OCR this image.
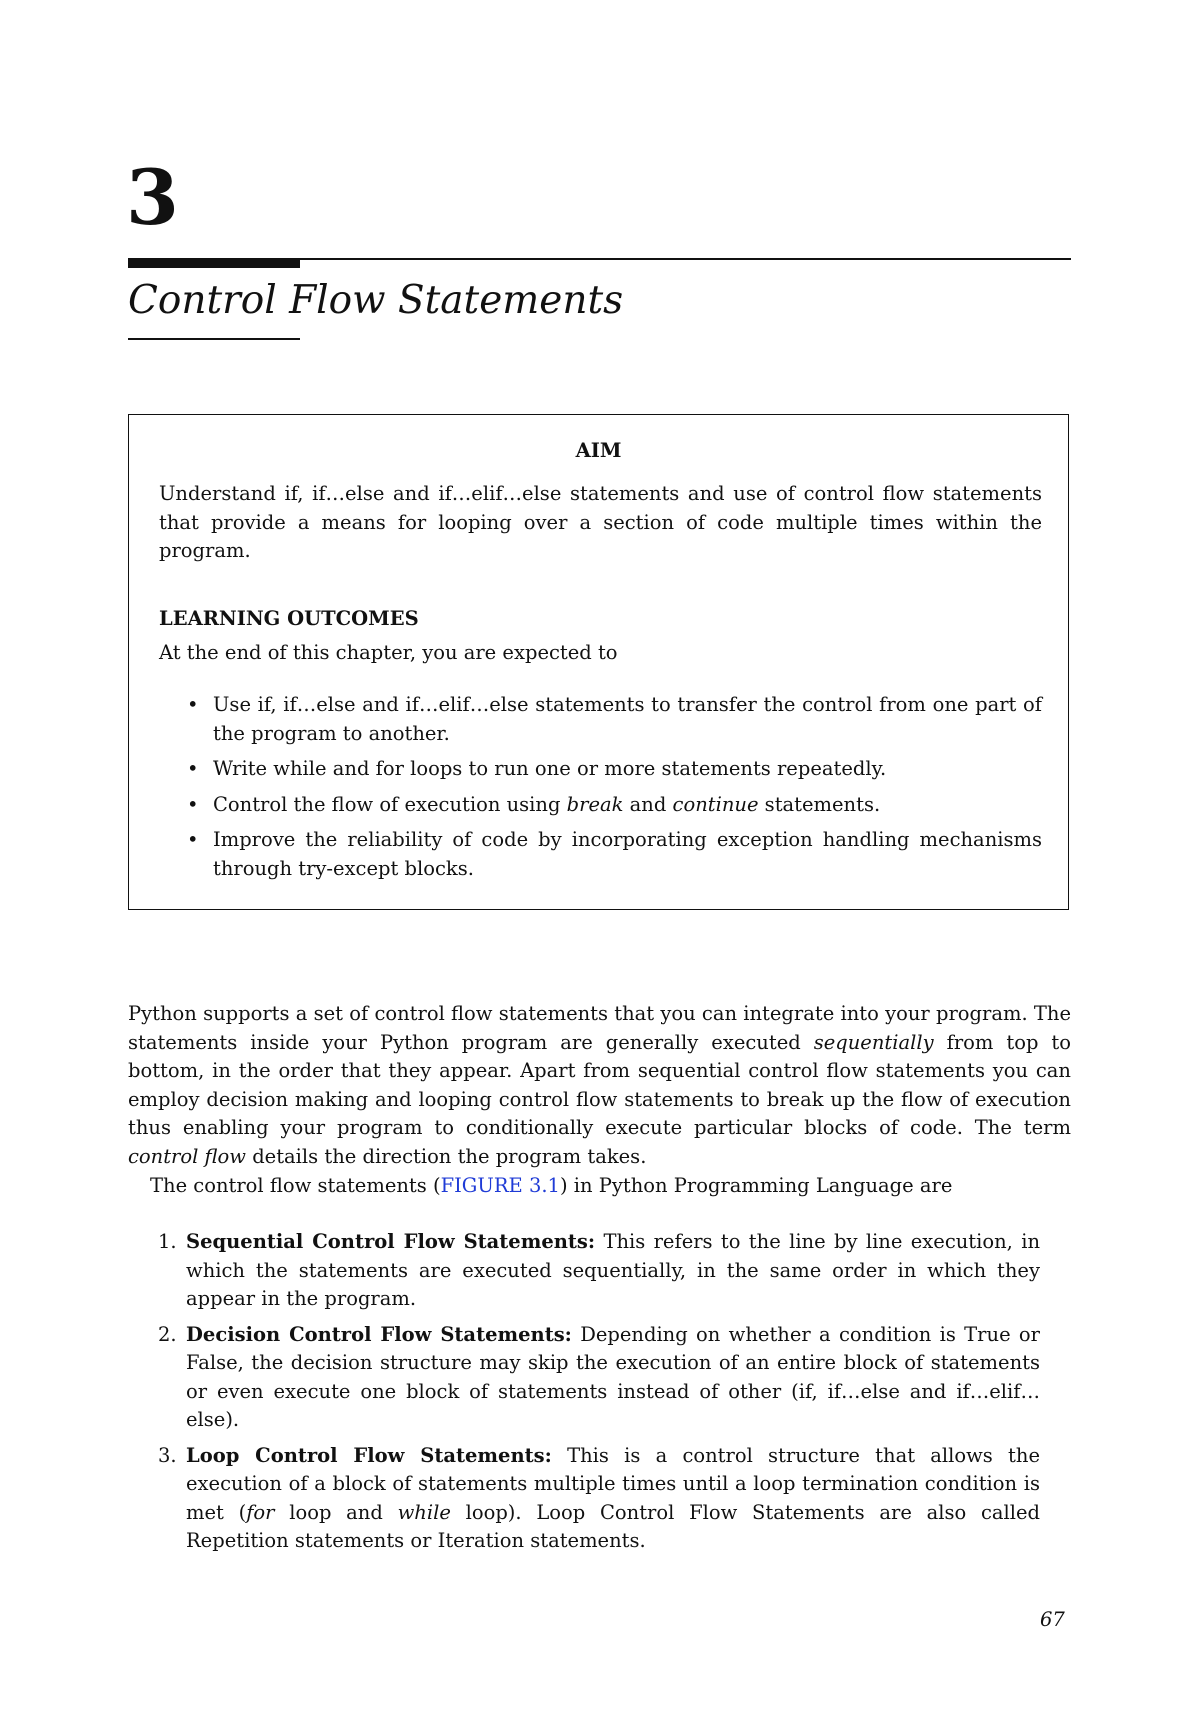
3
Control Flow Statements
AIM
Understand if, if…else and if…elif…else statements and use of control flow statements that provide a means for looping over a section of code multiple times within the program.
LEARNING OUTCOMES
At the end of this chapter, you are expected to
• Use if, if…else and if…elif…else statements to transfer the control from one part of the program to another.
• Write while and for loops to run one or more statements repeatedly.
• Control the flow of execution using break and continue statements.
• Improve the reliability of code by incorporating exception handling mechanisms through try-except blocks.
Python supports a set of control flow statements that you can integrate into your program. The statements inside your Python program are generally executed sequentially from top to bottom, in the order that they appear. Apart from sequential control flow statements you can employ decision making and looping control flow statements to break up the flow of execution thus enabling your program to conditionally execute particular blocks of code. The term control flow details the direction the program takes.
The control flow statements (FIGURE 3.1) in Python Programming Language are
1. Sequential Control Flow Statements: This refers to the line by line execution, in which the statements are executed sequentially, in the same order in which they appear in the program.
2. Decision Control Flow Statements: Depending on whether a condition is True or False, the decision structure may skip the execution of an entire block of statements or even execute one block of statements instead of other (if, if…else and if…elif…else).
3. Loop Control Flow Statements: This is a control structure that allows the execution of a block of statements multiple times until a loop termination condition is met (for loop and while loop). Loop Control Flow Statements are also called Repetition statements or Iteration statements.
67
